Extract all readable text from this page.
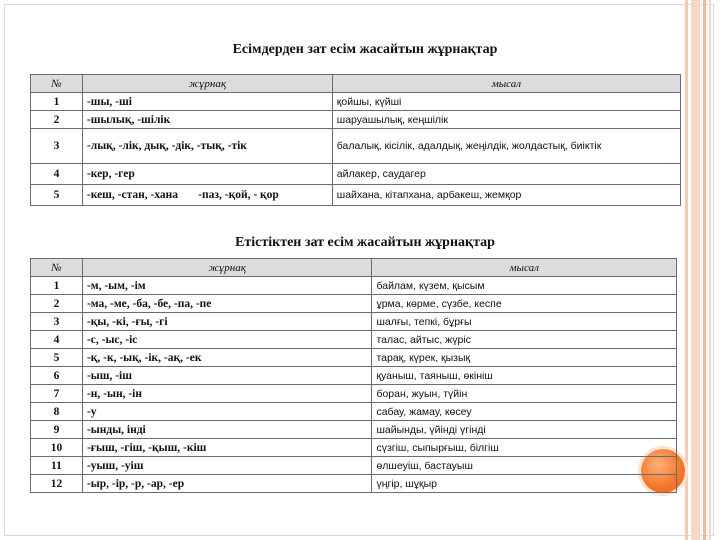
Есімдерден зат есім жасайтын жұрнақтар
№	жұрнақ	мысал
1	-шы, -ші	қойшы, күйші
2	-шылық, -шілік	шаруашылық, кеңшілік
3	-лық, -лік, дық, -дік, -тық, -тік	балалық, кісілік, адалдық, жеңілдік, жолдастық, биіктік
4	-кер, -гер	айлакер, саудагер
5	-кеш, -стан, -хана       -паз, -қой, - қор	шайхана, кітапхана, арбакеш, жемқор
Етістіктен зат есім жасайтын жұрнақтар
№	жұрнақ	мысал
1	-м, -ым, -ім	байлам, күзем, қысым
2	-ма, -ме, -ба, -бе, -па, -пе	ұрма, көрме, сүзбе, кеспе
3	-қы, -кі, -ғы, -гі	шалғы, тепкі, бұрғы
4	-с, -ыс, -іс	талас, айтыс, жүріс
5	-қ, -к, -ық, -ік, -ақ, -ек	тарақ, күрек, қызық
6	-ыш, -іш	қуаныш, таяныш, өкініш
7	-н, -ын, -ін	боран, жуын, түйін
8	-у	сабау, жамау, көсеу
9	-ынды, інді	шайынды, үйінді үгінді
10	-ғыш, -гіш, -қыш, -кіш	сүзгіш, сыпырғыш, білгіш
11	-уыш, -уіш	өлшеуіш, бастауыш
12	-ыр, -ір, -р, -ар, -ер	үңгір, шұқыр
